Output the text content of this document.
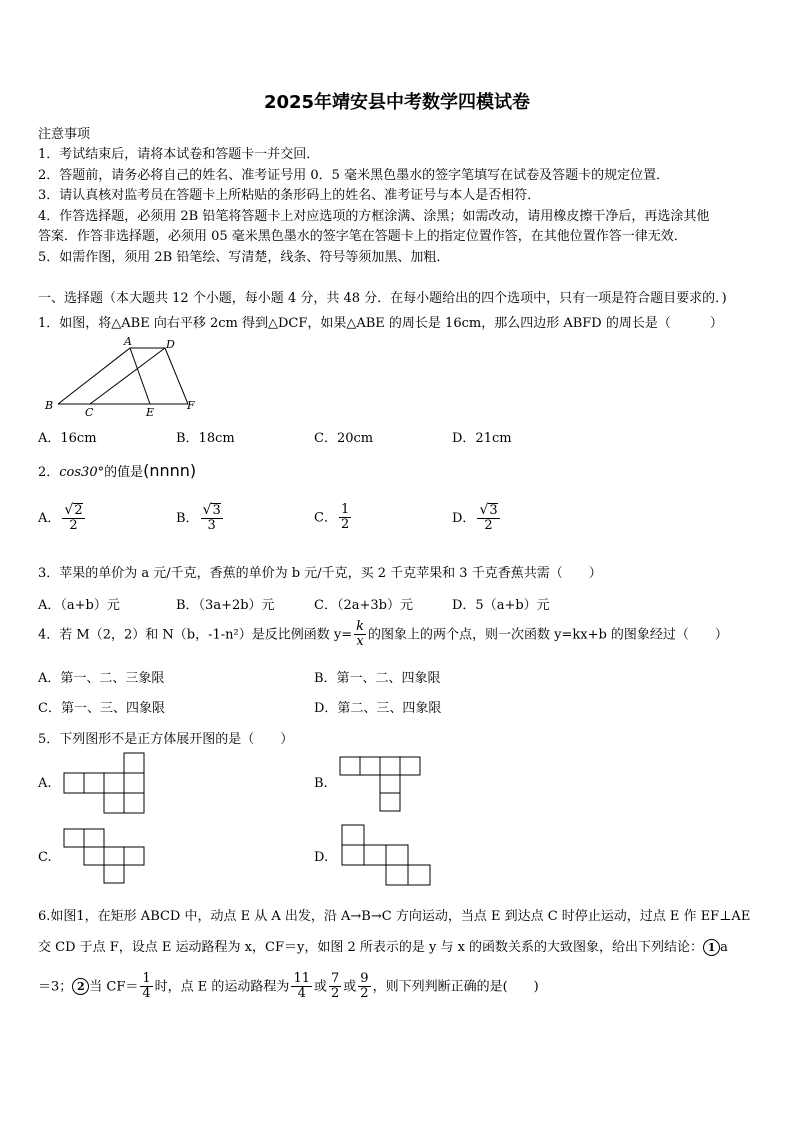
2025年靖安县中考数学四模试卷
注意事项
1．考试结束后，请将本试卷和答题卡一并交回．
2．答题前，请务必将自己的姓名、准考证号用 0．5 毫米黑色墨水的签字笔填写在试卷及答题卡的规定位置．
3．请认真核对监考员在答题卡上所粘贴的条形码上的姓名、准考证号与本人是否相符．
4．作答选择题，必须用 2B 铅笔将答题卡上对应选项的方框涂满、涂黑；如需改动，请用橡皮擦干净后，再选涂其他
答案．作答非选择题，必须用 05 毫米黑色墨水的签字笔在答题卡上的指定位置作答，在其他位置作答一律无效．
5．如需作图，须用 2B 铅笔绘、写清楚，线条、符号等须加黑、加粗．
一、选择题（本大题共 12 个小题，每小题 4 分，共 48 分．在每小题给出的四个选项中，只有一项是符合题目要求的．)
1．如图，将△ABE 向右平移 2cm 得到△DCF，如果△ABE 的周长是 16cm，那么四边形 ABFD 的周长是（　　　）
A	D
B
C	E
F
A．16cm	B．18cm	C．20cm	D．21cm
2．cos30°的值是(nnnn)
A． $\frac{√2}{2}$	B． $\frac{√3}{3}$	C． $\frac{1}{2}$	D． $\frac{√3}{2}$
3．苹果的单价为 a 元/千克，香蕉的单价为 b 元/千克，买 2 千克苹果和 3 千克香蕉共需（　　）
A．（a+b）元	B．（3a+2b）元	C．（2a+3b）元	D．5（a+b）元
4．若 M（2，2）和 N（b，-1-n²）是反比例函数 $y= \frac{k}{x}$ 的图象上的两个点，则一次函数 y=kx+b 的图象经过（　　）
A．第一、二、三象限	B．第一、二、四象限
C．第一、三、四象限	D．第二、三、四象限
5．下列图形不是正方体展开图的是（　　）
A.	B.
C.	D.
6.如图1，在矩形 ABCD 中，动点 E 从 A 出发，沿 A→B→C 方向运动，当点 E 到达点 C 时停止运动，过点 E 作 EF⊥AE
交 CD 于点 F，设点 E 运动路程为 x，CF＝y，如图 2 所表示的是 y 与 x 的函数关系的大致图象，给出下列结论： 1 a
＝3； 2 当 $CF= \frac{1}{4}$ 时，点 E 的运动路程为 $\frac{11}{4}$ 或 $\frac{7}{2}$ 或 $\frac{9}{2}$ ，则下列判断正确的是(　　)
